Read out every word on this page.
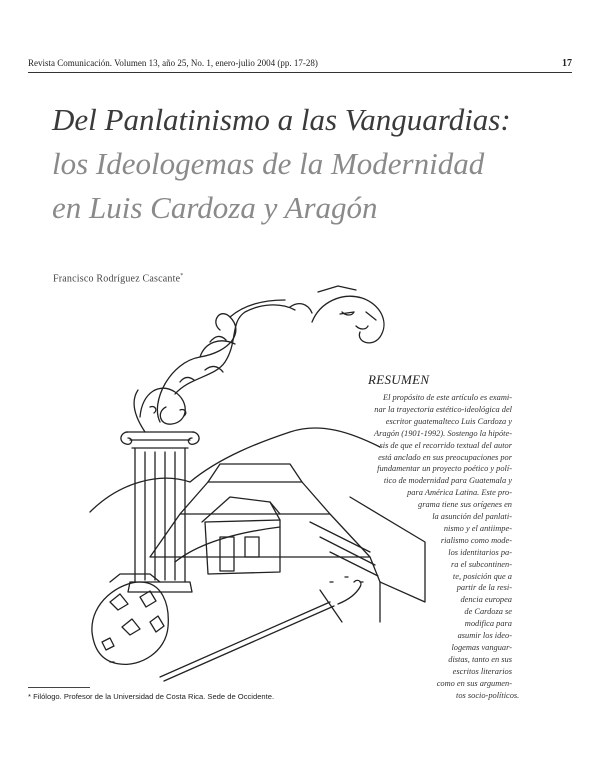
Revista Comunicación. Volumen 13, año 25, No. 1, enero-julio 2004 (pp. 17-28)	17
Del Panlatinismo a las Vanguardias:
los Ideologemas de la Modernidad
en Luis Cardoza y Aragón
Francisco Rodríguez Cascante*
RESUMEN
El propósito de este artículo es exami-
nar la trayectoria estético-ideológica del
escritor guatemalteco Luis Cardoza y
Aragón (1901-1992). Sostengo la hipóte-
sis de que el recorrido textual del autor
está anclado en sus preocupaciones por
fundamentar un proyecto poético y polí-
tico de modernidad para Guatemala y
para América Latina. Este pro-
grama tiene sus orígenes en
la asunción del panlati-
nismo y el antiimpe-
rialismo como mode-
los identitarios pa-
ra el subcontinen-
te, posición que a
partir de la resi-
dencia europea
de Cardoza se
modifica para
asumir los ideo-
logemas vanguar-
distas, tanto en sus
escritos literarios
como en sus argumen-
tos socio-políticos.
* Filólogo. Profesor de la Universidad de Costa Rica. Sede de Occidente.
